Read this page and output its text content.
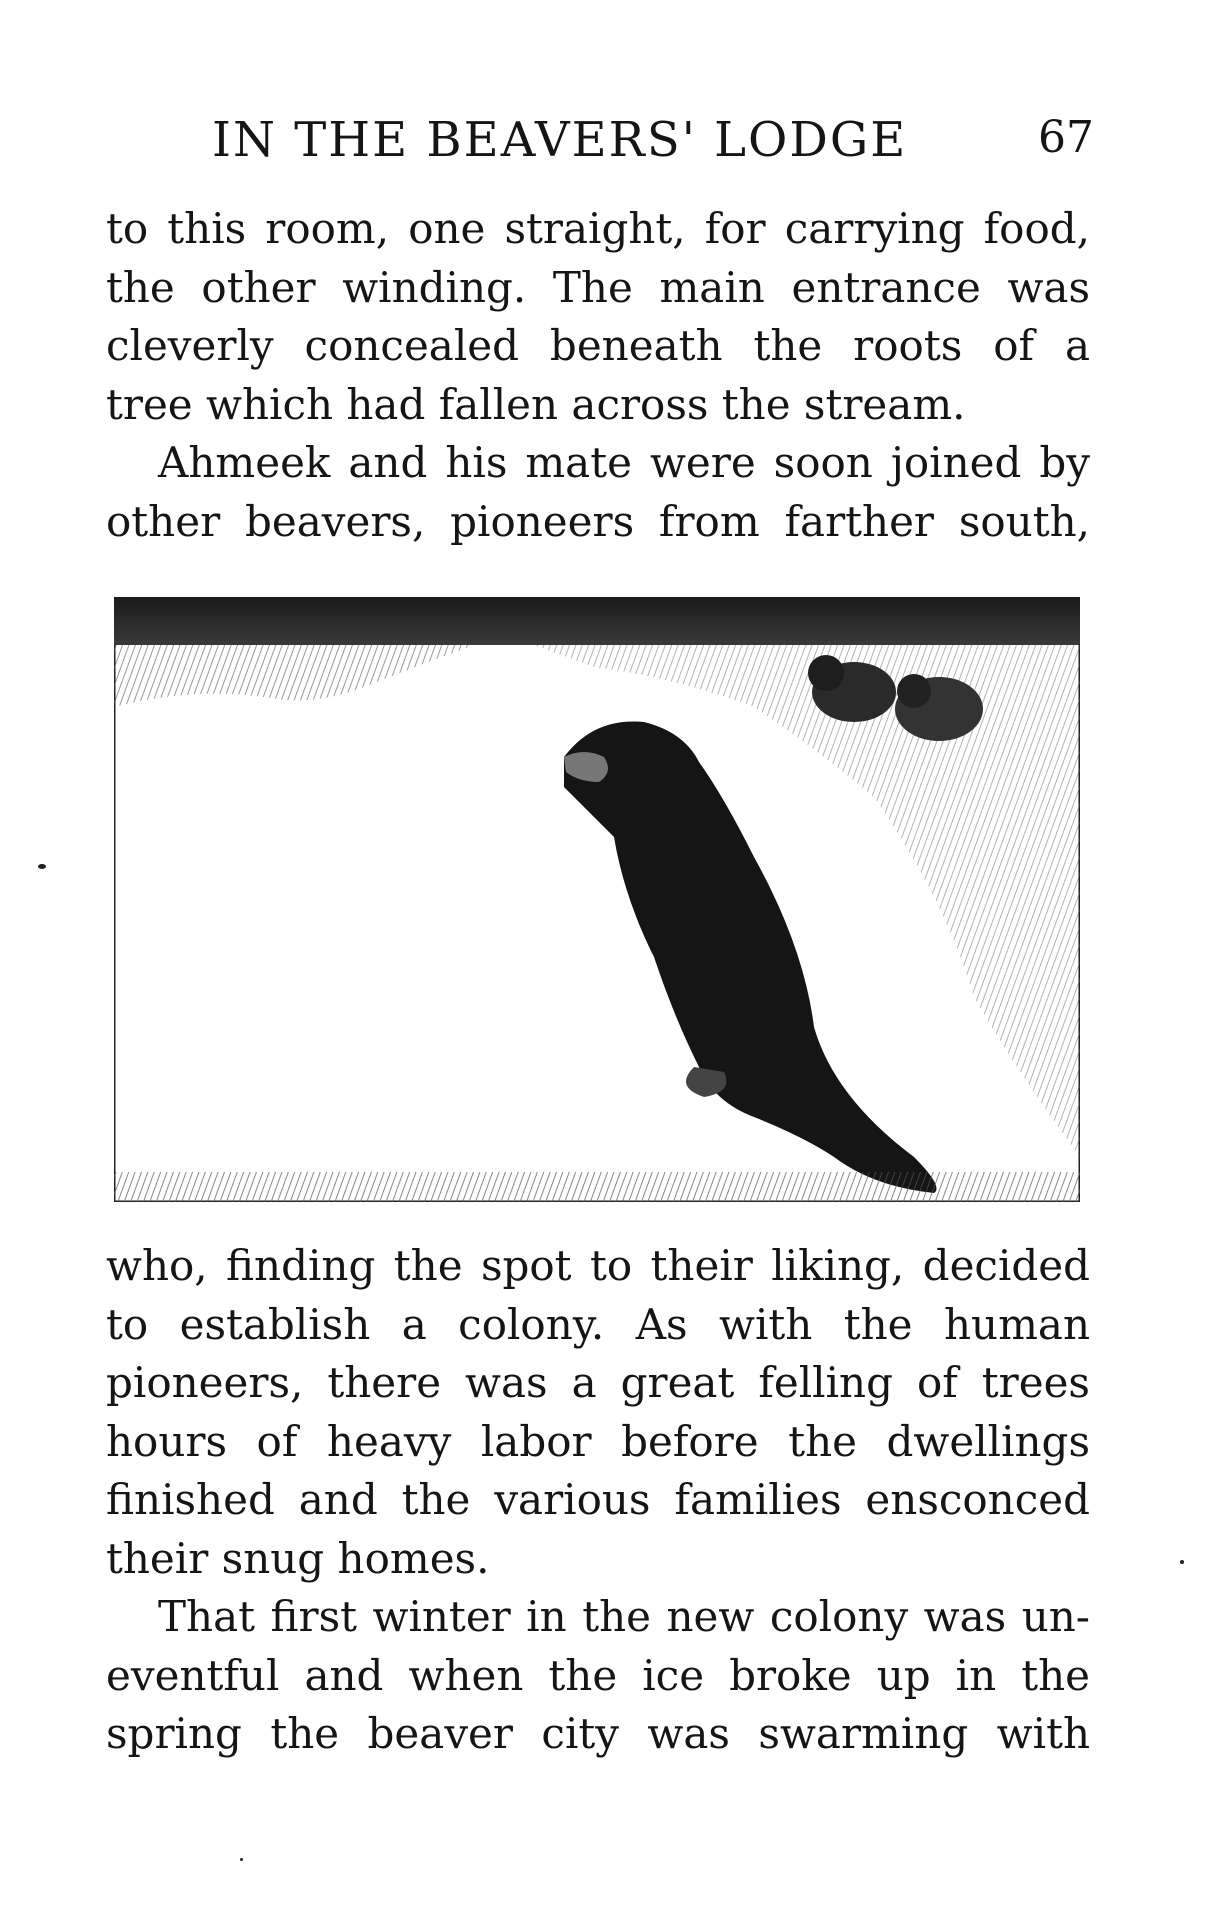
IN THE BEAVERS' LODGE	67
to this room, one straight, for carrying food,
the other winding. The main entrance was
cleverly concealed beneath the roots of a
tree which had fallen across the stream.
Ahmeek and his mate were soon joined by
other beavers, pioneers from farther south,
who, finding the spot to their liking, decided
to establish a colony. As with the human
pioneers, there was a great felling of trees
hours of heavy labor before the dwellings
finished and the various families ensconced
their snug homes.
That first winter in the new colony was un-
eventful and when the ice broke up in the
spring the beaver city was swarming with
